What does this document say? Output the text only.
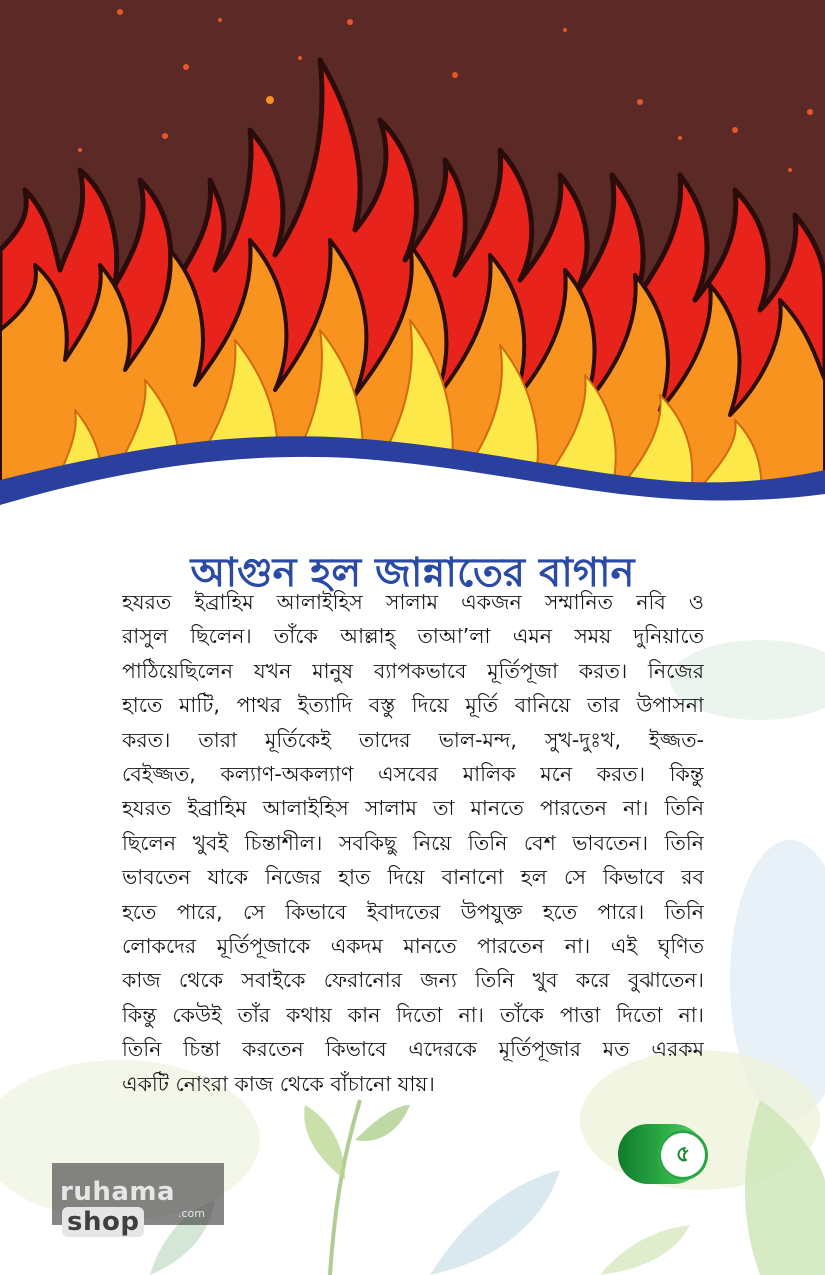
আগুন হল জান্নাতের বাগান
হযরত ইব্রাহিম আলাইহিস সালাম একজন সম্মানিত নবি ও
রাসুল ছিলেন। তাঁকে আল্লাহ্ তাআ’লা এমন সময় দুনিয়াতে
পাঠিয়েছিলেন যখন মানুষ ব্যাপকভাবে মূর্তিপূজা করত। নিজের
হাতে মাটি, পাথর ইত্যাদি বস্তু দিয়ে মূর্তি বানিয়ে তার উপাসনা
করত। তারা মূর্তিকেই তাদের ভাল-মন্দ, সুখ-দুঃখ, ইজ্জত-
বেইজ্জত, কল্যাণ-অকল্যাণ এসবের মালিক মনে করত। কিন্তু
হযরত ইব্রাহিম আলাইহিস সালাম তা মানতে পারতেন না। তিনি
ছিলেন খুবই চিন্তাশীল। সবকিছু নিয়ে তিনি বেশ ভাবতেন। তিনি
ভাবতেন যাকে নিজের হাত দিয়ে বানানো হল সে কিভাবে রব
হতে পারে, সে কিভাবে ইবাদতের উপযুক্ত হতে পারে। তিনি
লোকদের মূর্তিপূজাকে একদম মানতে পারতেন না। এই ঘৃণিত
কাজ থেকে সবাইকে ফেরানোর জন্য তিনি খুব করে বুঝাতেন।
কিন্তু কেউই তাঁর কথায় কান দিতো না। তাঁকে পাত্তা দিতো না।
তিনি চিন্তা করতেন কিভাবে এদেরকে মূর্তিপূজার মত এরকম
একটি নোংরা কাজ থেকে বাঁচানো যায়।
৫
ruhamashop	.com
